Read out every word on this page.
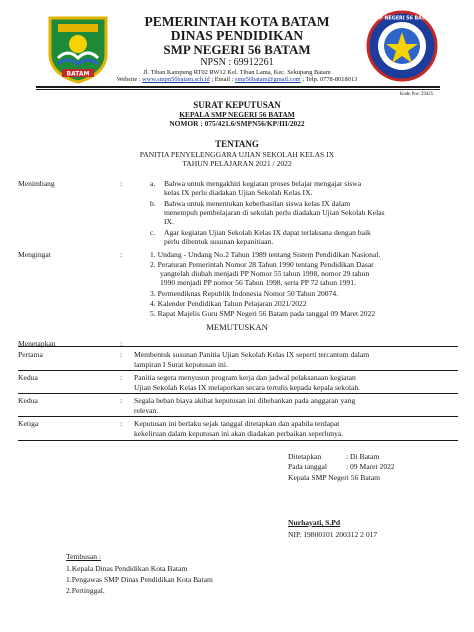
BATAM
PEMERINTAH KOTA BATAM
DINAS PENDIDIKAN
SMP NEGERI 56 BATAM
NPSN : 69912261
Jl. Tiban Kampung RT02 RW12 Kel. Tiban Lama, Kec. Sekupang Batam
Website : www.smpn56batam.sch.id ; Email : smp56batam@gmail.com ; Telp. 0778-8018013
SMP NEGERI 56 BATAM
Kode Pos: 29425
SURAT KEPUTUSAN
KEPALA SMP NEGERI 56 BATAM
NOMOR : 075/421.6/SMPN56/KP/III/2022
TENTANG
PANITIA PENYELENGGARA UJIAN SEKOLAH KELAS IX
TAHUN PELAJARAN 2021 / 2022
Menimbang	:	a. Bahwa untuk mengakhiri kegiatan proses belajar mengajar siswa
kelas IX perlu diadakan Ujian Sekolah Kelas IX.
b. Bahwa untuk menentukan keberhasilan siswa kelas IX dalam
menempuh pembelajaran di sekolah perlu diadakan Ujian Sekolah Kelas
IX.
c. Agar kegiatan Ujian Sekolah Kelas IX dapat terlaksana dengan baik
perlu dibentuk susunan kepanitiaan.
Mengingat	:	1. Undang - Undang No.2 Tahun 1989 tentang Sistem Pendidikan Nasional.
2. Peraturan Pemerintah Nomor 28 Tahun 1990 tentang Pendidikan Dasar
yangtelah diubah menjadi PP Nomor 55 tahun 1998, nomor 29 tahun
1990 menjadi PP nomor 56 Tahun 1998, serta PP 72 tahun 1991.
3. Permendiknas Republik Indonesia Nomor 50 Tahun 20074.
4. Kalender Pendidikan Tahun Pelajaran 2021/2022
5. Rapat Majelis Guru SMP Negeri 56 Batam pada tanggal 09 Maret 2022
MEMUTUSKAN
Menetapkan	:
Pertama	: Membentuk susunan Panitia Ujian Sekolah Kelas IX seperti tercantum dalam
lampiran I Surat keputusan ini.
Kedua	: Panitia segera menyusun program kerja dan jadwal pelaksanaan kegiatan
Ujian Sekolah Kelas IX melaporkan secara tertulis kepada kepala sekolah.
Kedua	: Segala beban biaya akibat keputusan ini dibebankan pada anggaran yang
relevan.
Ketiga	: Keputusan ini berlaku sejak tanggal ditetapkan dan apabila terdapat
kekeliruan dalam keputusan ini akan diadakan perbaikan seperlunya.
Ditetapkan	: Di Batam
Pada tanggal : 09 Maret 2022
Kepala SMP Negeri 56 Batam
Nurhayati, S.Pd
NIP. 19800101 200312 2 017
Tembusan :
1.Kepala Dinas Pendidikan Kota Batam
1.Pengawas SMP Dinas Pendidikan Kota Batam
2.Pertinggal.
